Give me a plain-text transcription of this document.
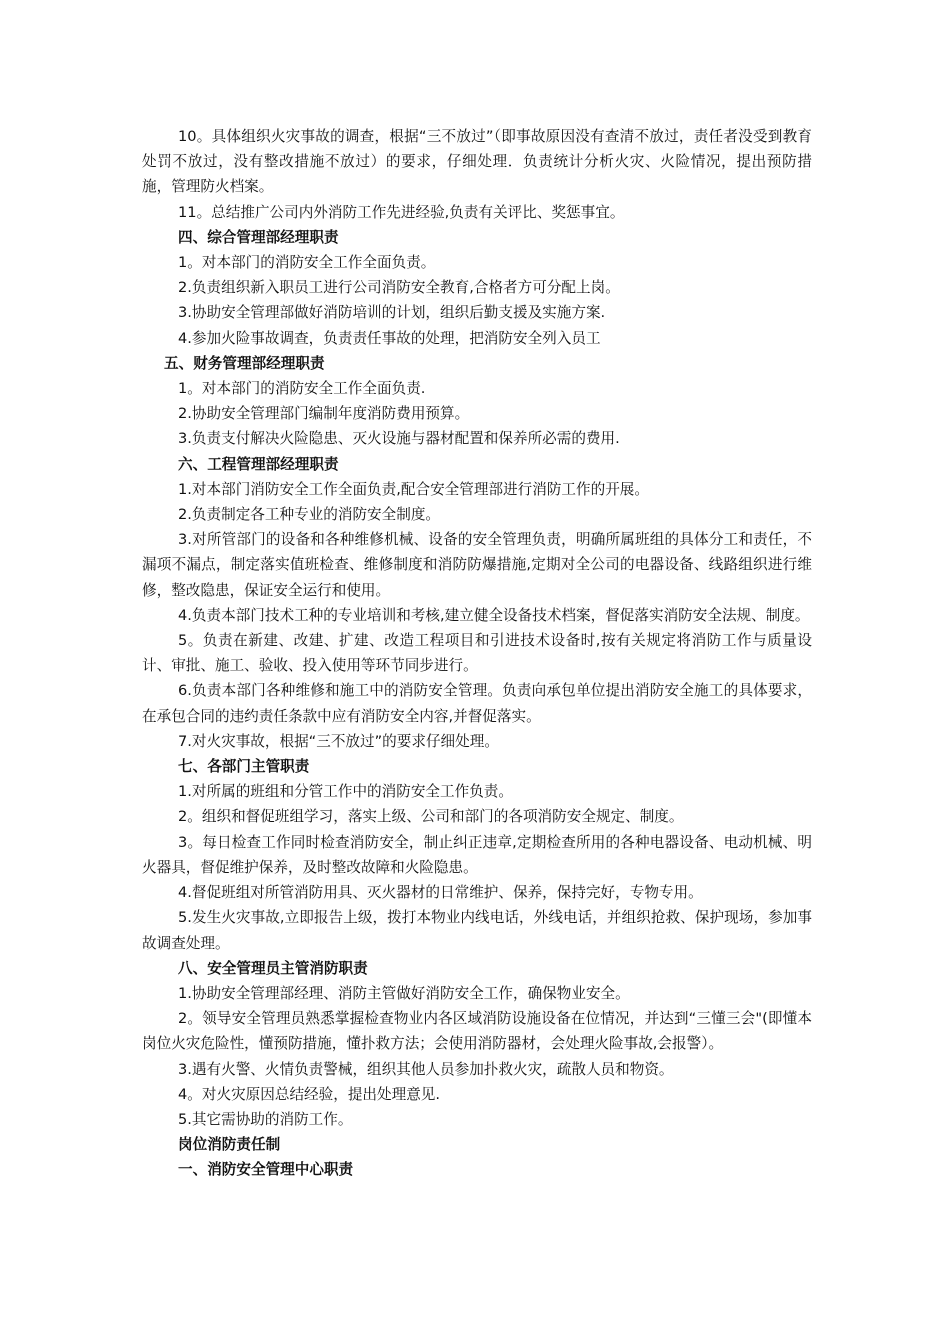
10。具体组织火灾事故的调查，根据“三不放过”（即事故原因没有查清不放过，责任者没受到教育处罚不放过，没有整改措施不放过）的要求，仔细处理．负责统计分析火灾、火险情况，提出预防措施，管理防火档案。

11。总结推广公司内外消防工作先进经验,负责有关评比、奖惩事宜。

四、综合管理部经理职责

1。对本部门的消防安全工作全面负责。

2.负责组织新入职员工进行公司消防安全教育,合格者方可分配上岗。

3.协助安全管理部做好消防培训的计划，组织后勤支援及实施方案.

4.参加火险事故调查，负责责任事故的处理，把消防安全列入员工

五、财务管理部经理职责

1。对本部门的消防安全工作全面负责.

2.协助安全管理部门编制年度消防费用预算。

3.负责支付解决火险隐患、灭火设施与器材配置和保养所必需的费用.

六、工程管理部经理职责

1.对本部门消防安全工作全面负责,配合安全管理部进行消防工作的开展。

2.负责制定各工种专业的消防安全制度。

3.对所管部门的设备和各种维修机械、设备的安全管理负责，明确所属班组的具体分工和责任，不漏项不漏点，制定落实值班检查、维修制度和消防防爆措施,定期对全公司的电器设备、线路组织进行维修，整改隐患，保证安全运行和使用。

4.负责本部门技术工种的专业培训和考核,建立健全设备技术档案，督促落实消防安全法规、制度。

5。负责在新建、改建、扩建、改造工程项目和引进技术设备时,按有关规定将消防工作与质量设计、审批、施工、验收、投入使用等环节同步进行。

6.负责本部门各种维修和施工中的消防安全管理。负责向承包单位提出消防安全施工的具体要求，在承包合同的违约责任条款中应有消防安全内容,并督促落实。

7.对火灾事故，根据“三不放过”的要求仔细处理。

七、各部门主管职责

1.对所属的班组和分管工作中的消防安全工作负责。

2。组织和督促班组学习，落实上级、公司和部门的各项消防安全规定、制度。

3。每日检查工作同时检查消防安全，制止纠正违章,定期检查所用的各种电器设备、电动机械、明火器具，督促维护保养，及时整改故障和火险隐患。

4.督促班组对所管消防用具、灭火器材的日常维护、保养，保持完好，专物专用。

5.发生火灾事故,立即报告上级，拨打本物业内线电话，外线电话，并组织抢救、保护现场，参加事故调查处理。

八、安全管理员主管消防职责

1.协助安全管理部经理、消防主管做好消防安全工作，确保物业安全。

2。领导安全管理员熟悉掌握检查物业内各区域消防设施设备在位情况，并达到“三懂三会"(即懂本岗位火灾危险性，懂预防措施，懂扑救方法；会使用消防器材，会处理火险事故,会报警）。

3.遇有火警、火情负责警械，组织其他人员参加扑救火灾，疏散人员和物资。

4。对火灾原因总结经验，提出处理意见.

5.其它需协助的消防工作。

岗位消防责任制

一、消防安全管理中心职责
